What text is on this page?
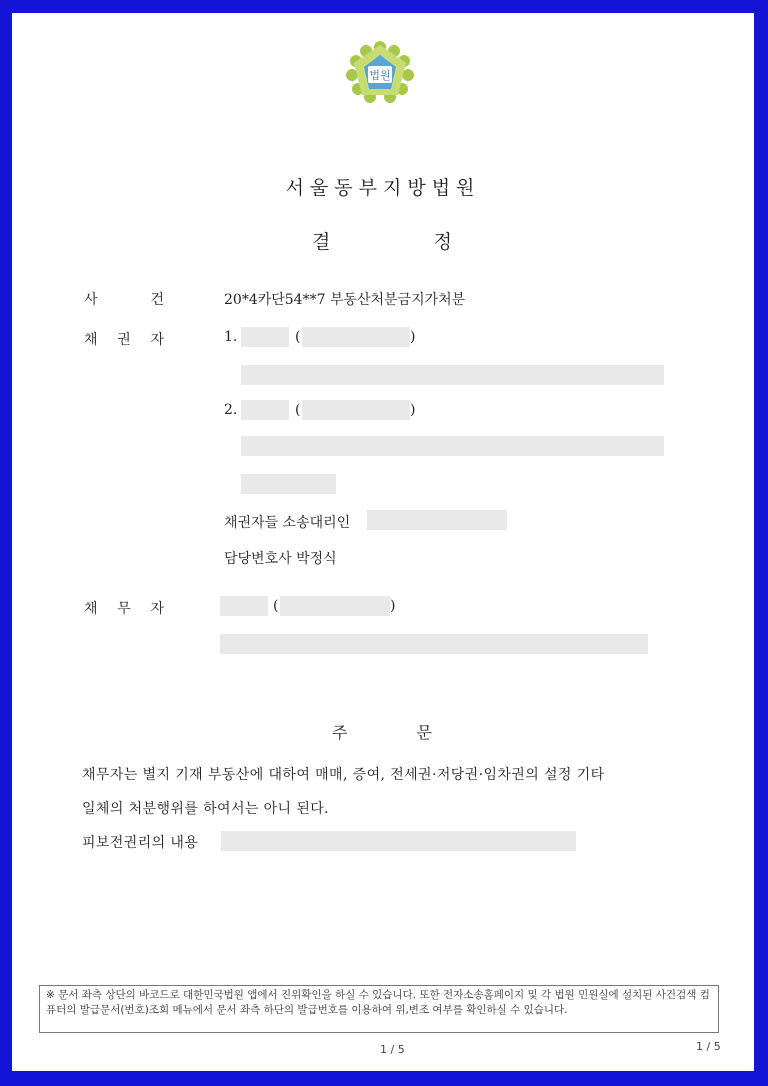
법원
서울동부지방법원
결	정
사	건	20*4카단54**7 부동산처분금지가처분
채 권 자	1.	(	)
2.	(	)
채권자들 소송대리인
담당변호사 박정식
채 무 자	(	)
주	문
채무자는 별지 기재 부동산에 대하여 매매, 증여, 전세권·저당권·임차권의 설정 기타
일체의 처분행위를 하여서는 아니 된다.
피보전권리의 내용
※ 문서 좌측 상단의 바코드로 대한민국법원 앱에서 진위확인을 하실 수 있습니다. 또한 전자소송홈페이지 및 각 법원 민원실에 설치된 사건검색 컴퓨터의 발급문서(번호)조회 메뉴에서 문서 좌측 하단의 발급번호를 이용하여 위,변조 여부를 확인하실 수 있습니다.
1 / 5	1 / 5
